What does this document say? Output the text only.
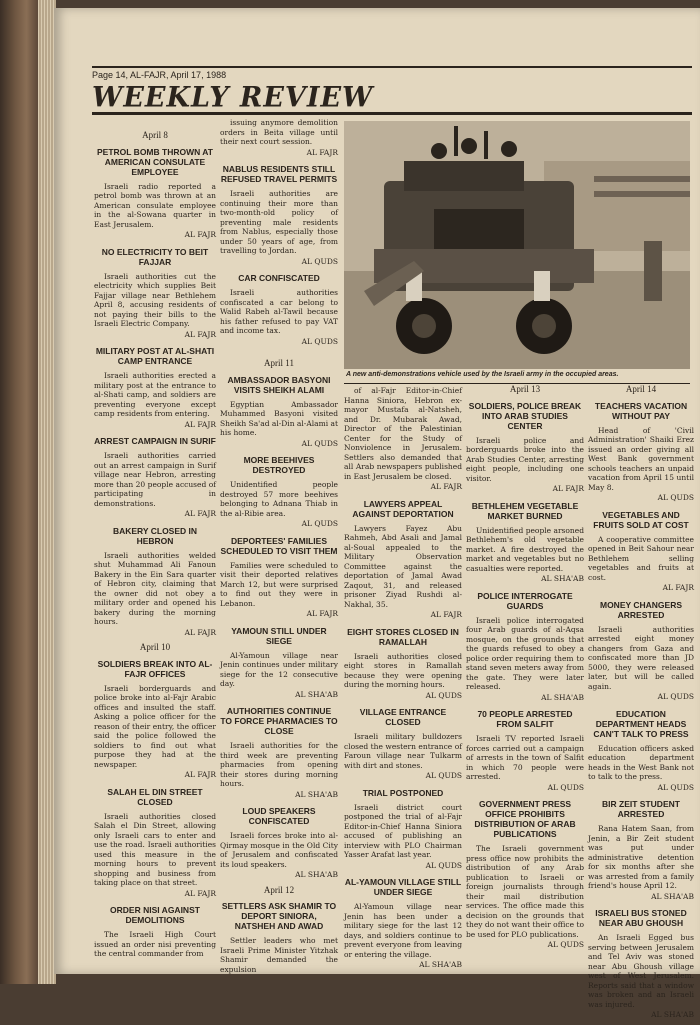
Page 14, AL-FAJR, April 17, 1988
WEEKLY REVIEW
A new anti-demonstrations vehicle used by the Israeli army in the occupied areas.
April 8
PETROL BOMB THROWN AT AMERICAN CONSULATE EMPLOYEE
Israeli radio reported a petrol bomb was thrown at an American consulate employee in the al-Sowana quarter in East Jerusalem.
AL FAJR
NO ELECTRICITY TO BEIT FAJJAR
Israeli authorities cut the electricity which supplies Beit Fajjar village near Bethlehem April 8, accusing residents of not paying their bills to the Israeli Electric Company.
AL FAJR
MILITARY POST AT AL-SHATI CAMP ENTRANCE
Israeli authorities erected a military post at the entrance to al-Shati camp, and soldiers are preventing everyone except camp residents from entering.
AL FAJR
ARREST CAMPAIGN IN SURIF
Israeli authorities carried out an arrest campaign in Surif village near Hebron, arresting more than 20 people accused of participating in demonstrations.
AL FAJR
BAKERY CLOSED IN HEBRON
Israeli authorities welded shut Muhammad Ali Fanoun Bakery in the Ein Sara quarter of Hebron city, claiming that the owner did not obey a military order and opened his bakery during the morning hours.
AL FAJR
April 10
SOLDIERS BREAK INTO AL-FAJR OFFICES
Israeli borderguards and police broke into al-Fajr Arabic offices and insulted the staff. Asking a police officer for the reason of their entry, the officer said the police followed the soldiers to find out what purpose they had at the newspaper.
AL FAJR
SALAH EL DIN STREET CLOSED
Israeli authorities closed Salah el Din Street, allowing only Israeli cars to enter and use the road. Israeli authorities used this measure in the morning hours to prevent shopping and business from taking place on that street.
AL FAJR
ORDER NISI AGAINST DEMOLITIONS
The Israeli High Court issued an order nisi preventing the central commander from
issuing anymore demolition orders in Beita village until their next court session.
AL FAJR
NABLUS RESIDENTS STILL REFUSED TRAVEL PERMITS
Israeli authorities are continuing their more than two-month-old policy of preventing male residents from Nablus, especially those under 50 years of age, from travelling to Jordan.
AL QUDS
CAR CONFISCATED
Israeli authorities confiscated a car belong to Walid Rabeh al-Tawil because his father refused to pay VAT and income tax.
AL QUDS
April 11
AMBASSADOR BASYONI VISITS SHEIKH ALAMI
Egyptian Ambassador Muhammed Basyoni visited Sheikh Sa'ad al-Din al-Alami at his home.
AL QUDS
MORE BEEHIVES DESTROYED
Unidentified people destroyed 57 more beehives belonging to Adnana Thiab in the al-Ribie area.
AL QUDS
DEPORTEES' FAMILIES SCHEDULED TO VISIT THEM
Families were scheduled to visit their deported relatives March 12, but were surprised to find out they were in Lebanon.
AL FAJR
YAMOUN STILL UNDER SIEGE
Al-Yamoun village near Jenin continues under military siege for the 12 consecutive day.
AL SHA'AB
AUTHORITIES CONTINUE TO FORCE PHARMACIES TO CLOSE
Israeli authorities for the third week are preventing pharmacies from opening their stores during morning hours.
AL SHA'AB
LOUD SPEAKERS CONFISCATED
Israeli forces broke into al-Qirmay mosque in the Old City of Jerusalem and confiscated its loud speakers.
AL SHA'AB
April 12
SETTLERS ASK SHAMIR TO DEPORT SINIORA, NATSHEH AND AWAD
Settler leaders who met Israeli Prime Minister Yitzhak Shamir demanded the expulsion
of al-Fajr Editor-in-Chief Hanna Siniora, Hebron ex-mayor Mustafa al-Natsheh, and Dr. Mubarak Awad, Director of the Palestinian Center for the Study of Nonviolence in Jerusalem. Settlers also demanded that all Arab newspapers published in East Jerusalem be closed.
AL FAJR
LAWYERS APPEAL AGAINST DEPORTATION
Lawyers Fayez Abu Rahmeh, Abd Asali and Jamal al-Soual appealed to the Military Observation Committee against the deportation of Jamal Awad Zaqout, 31, and released prisoner Ziyad Rushdi al-Nakhal, 35.
AL FAJR
EIGHT STORES CLOSED IN RAMALLAH
Israeli authorities closed eight stores in Ramallah because they were opening during the morning hours.
AL QUDS
VILLAGE ENTRANCE CLOSED
Israeli military bulldozers closed the western entrance of Faroun village near Tulkarm with dirt and stones.
AL QUDS
TRIAL POSTPONED
Israeli district court postponed the trial of al-Fajr Editor-in-Chief Hanna Siniora accused of publishing an interview with PLO Chairman Yasser Arafat last year.
AL QUDS
AL-YAMOUN VILLAGE STILL UNDER SIEGE
Al-Yamoun village near Jenin has been under a military siege for the last 12 days, and soldiers continue to prevent everyone from leaving or entering the village.
AL SHA'AB
April 13
SOLDIERS, POLICE BREAK INTO ARAB STUDIES CENTER
Israeli police and borderguards broke into the Arab Studies Center, arresting eight people, including one visitor.
AL FAJR
BETHLEHEM VEGETABLE MARKET BURNED
Unidentified people arsoned Bethlehem's old vegetable market. A fire destroyed the market and vegetables but no casualties were reported.
AL SHA'AB
POLICE INTERROGATE GUARDS
Israeli police interrogated four Arab guards of al-Aqsa mosque, on the grounds that the guards refused to obey a police order requiring them to stand seven meters away from the gate. They were later released.
AL SHA'AB
70 PEOPLE ARRESTED FROM SALFIT
Israeli TV reported Israeli forces carried out a campaign of arrests in the town of Salfit in which 70 people were arrested.
AL QUDS
GOVERNMENT PRESS OFFICE PROHIBITS DISTRIBUTION OF ARAB PUBLICATIONS
The Israeli government press office now prohibits the distribution of any Arab publication to Israeli or foreign journalists through their mail distribution services. The office made this decision on the grounds that they do not want their office to be used for PLO publications.
AL QUDS
April 14
TEACHERS VACATION WITHOUT PAY
Head of 'Civil Administration' Shaiki Erez issued an order giving all West Bank government schools teachers an unpaid vacation from April 15 until May 8.
AL QUDS
VEGETABLES AND FRUITS SOLD AT COST
A cooperative committee opened in Beit Sahour near Bethlehem selling vegetables and fruits at cost.
AL FAJR
MONEY CHANGERS ARRESTED
Israeli authorities arrested eight money changers from Gaza and confiscated more than JD 5000, they were released later, but will be called again.
AL QUDS
EDUCATION DEPARTMENT HEADS CAN'T TALK TO PRESS
Education officers asked education department heads in the West Bank not to talk to the press.
AL QUDS
BIR ZEIT STUDENT ARRESTED
Rana Hatem Saan, from Jenin, a Bir Zeit student was put under administrative detention for six months after she was arrested from a family friend's house April 12.
AL SHA'AB
ISRAELI BUS STONED NEAR ABU GHOUSH
An Israeli Egged bus serving between Jerusalem and Tel Aviv was stoned near Abu Ghoush village west of West Jerusalem. Reports said that a window was broken and an Israeli was injured.
AL SHA'AB
